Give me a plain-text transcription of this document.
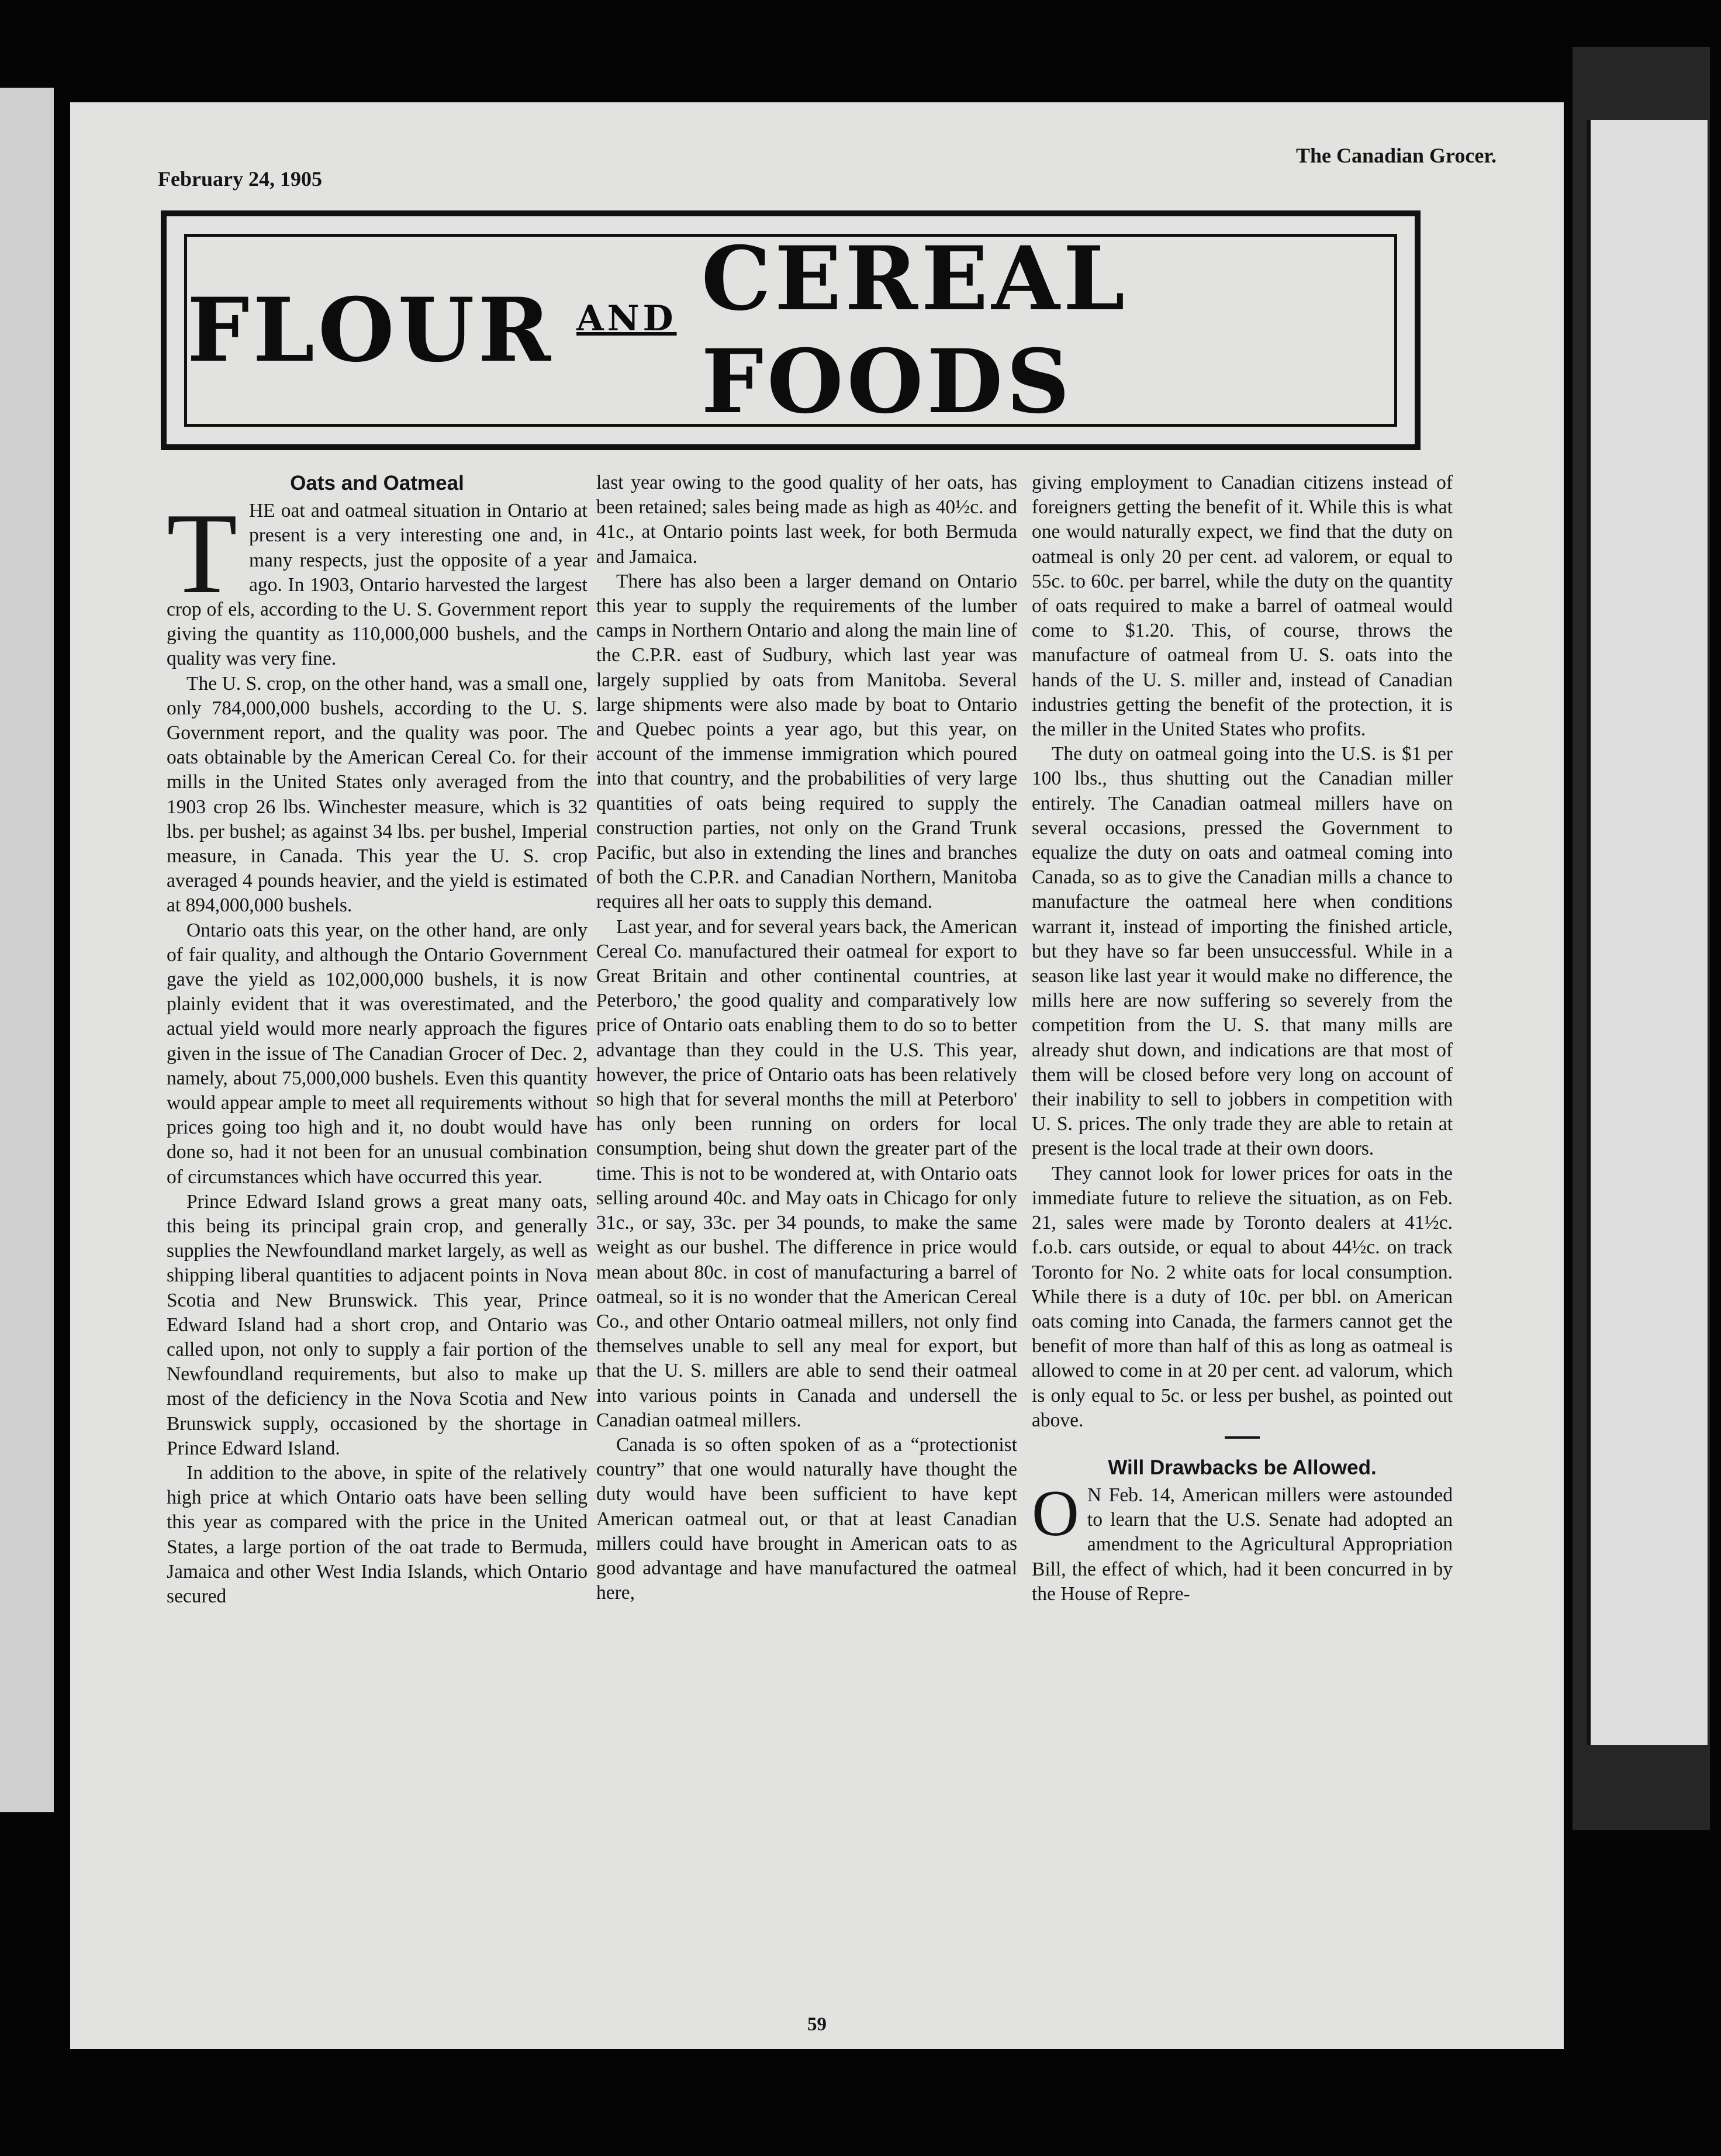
February 24, 1905
The Canadian Grocer.
FLOUR AND CEREAL FOODS
Oats and Oatmeal

THE oat and oatmeal situation in Ontario at present is a very interesting one and, in many respects, just the opposite of a year ago. In 1903, Ontario harvested the largest crop of els, according to the U. S. Government report giving the quantity as 110,000,000 bushels, and the quality was very fine.

The U. S. crop, on the other hand, was a small one, only 784,000,000 bushels, according to the U. S. Government report, and the quality was poor. The oats obtainable by the American Cereal Co. for their mills in the United States only averaged from the 1903 crop 26 lbs. Winchester measure, which is 32 lbs. per bushel; as against 34 lbs. per bushel, Imperial measure, in Canada. This year the U. S. crop averaged 4 pounds heavier, and the yield is estimated at 894,000,000 bushels.

Ontario oats this year, on the other hand, are only of fair quality, and although the Ontario Government gave the yield as 102,000,000 bushels, it is now plainly evident that it was overestimated, and the actual yield would more nearly approach the figures given in the issue of The Canadian Grocer of Dec. 2, namely, about 75,000,000 bushels. Even this quantity would appear ample to meet all requirements without prices going too high and it, no doubt would have done so, had it not been for an unusual combination of circumstances which have occurred this year.

Prince Edward Island grows a great many oats, this being its principal grain crop, and generally supplies the Newfoundland market largely, as well as shipping liberal quantities to adjacent points in Nova Scotia and New Brunswick. This year, Prince Edward Island had a short crop, and Ontario was called upon, not only to supply a fair portion of the Newfoundland requirements, but also to make up most of the deficiency in the Nova Scotia and New Brunswick supply, occasioned by the shortage in Prince Edward Island.

In addition to the above, in spite of the relatively high price at which Ontario oats have been selling this year as compared with the price in the United States, a large portion of the oat trade to Bermuda, Jamaica and other West India Islands, which Ontario secured

last year owing to the good quality of her oats, has been retained; sales being made as high as 40½c. and 41c., at Ontario points last week, for both Bermuda and Jamaica.

There has also been a larger demand on Ontario this year to supply the requirements of the lumber camps in Northern Ontario and along the main line of the C.P.R. east of Sudbury, which last year was largely supplied by oats from Manitoba. Several large shipments were also made by boat to Ontario and Quebec points a year ago, but this year, on account of the immense immigration which poured into that country, and the probabilities of very large quantities of oats being required to supply the construction parties, not only on the Grand Trunk Pacific, but also in extending the lines and branches of both the C.P.R. and Canadian Northern, Manitoba requires all her oats to supply this demand.

Last year, and for several years back, the American Cereal Co. manufactured their oatmeal for export to Great Britain and other continental countries, at Peterboro,' the good quality and comparatively low price of Ontario oats enabling them to do so to better advantage than they could in the U.S. This year, however, the price of Ontario oats has been relatively so high that for several months the mill at Peterboro' has only been running on orders for local consumption, being shut down the greater part of the time. This is not to be wondered at, with Ontario oats selling around 40c. and May oats in Chicago for only 31c., or say, 33c. per 34 pounds, to make the same weight as our bushel. The difference in price would mean about 80c. in cost of manufacturing a barrel of oatmeal, so it is no wonder that the American Cereal Co., and other Ontario oatmeal millers, not only find themselves unable to sell any meal for export, but that the U. S. millers are able to send their oatmeal into various points in Canada and undersell the Canadian oatmeal millers.

Canada is so often spoken of as a “protectionist country” that one would naturally have thought the duty would have been sufficient to have kept American oatmeal out, or that at least Canadian millers could have brought in American oats to as good advantage and have manufactured the oatmeal here,

giving employment to Canadian citizens instead of foreigners getting the benefit of it. While this is what one would naturally expect, we find that the duty on oatmeal is only 20 per cent. ad valorem, or equal to 55c. to 60c. per barrel, while the duty on the quantity of oats required to make a barrel of oatmeal would come to $1.20. This, of course, throws the manufacture of oatmeal from U. S. oats into the hands of the U. S. miller and, instead of Canadian industries getting the benefit of the protection, it is the miller in the United States who profits.

The duty on oatmeal going into the U.S. is $1 per 100 lbs., thus shutting out the Canadian miller entirely. The Canadian oatmeal millers have on several occasions, pressed the Government to equalize the duty on oats and oatmeal coming into Canada, so as to give the Canadian mills a chance to manufacture the oatmeal here when conditions warrant it, instead of importing the finished article, but they have so far been unsuccessful. While in a season like last year it would make no difference, the mills here are now suffering so severely from the competition from the U. S. that many mills are already shut down, and indications are that most of them will be closed before very long on account of their inability to sell to jobbers in competition with U. S. prices. The only trade they are able to retain at present is the local trade at their own doors.

They cannot look for lower prices for oats in the immediate future to relieve the situation, as on Feb. 21, sales were made by Toronto dealers at 41½c. f.o.b. cars outside, or equal to about 44½c. on track Toronto for No. 2 white oats for local consumption. While there is a duty of 10c. per bbl. on American oats coming into Canada, the farmers cannot get the benefit of more than half of this as long as oatmeal is allowed to come in at 20 per cent. ad valorum, which is only equal to 5c. or less per bushel, as pointed out above.

Will Drawbacks be Allowed.

O N Feb. 14, American millers were astounded to learn that the U.S. Senate had adopted an amendment to the Agricultural Appropriation Bill, the effect of which, had it been concurred in by the House of Repre-

59
